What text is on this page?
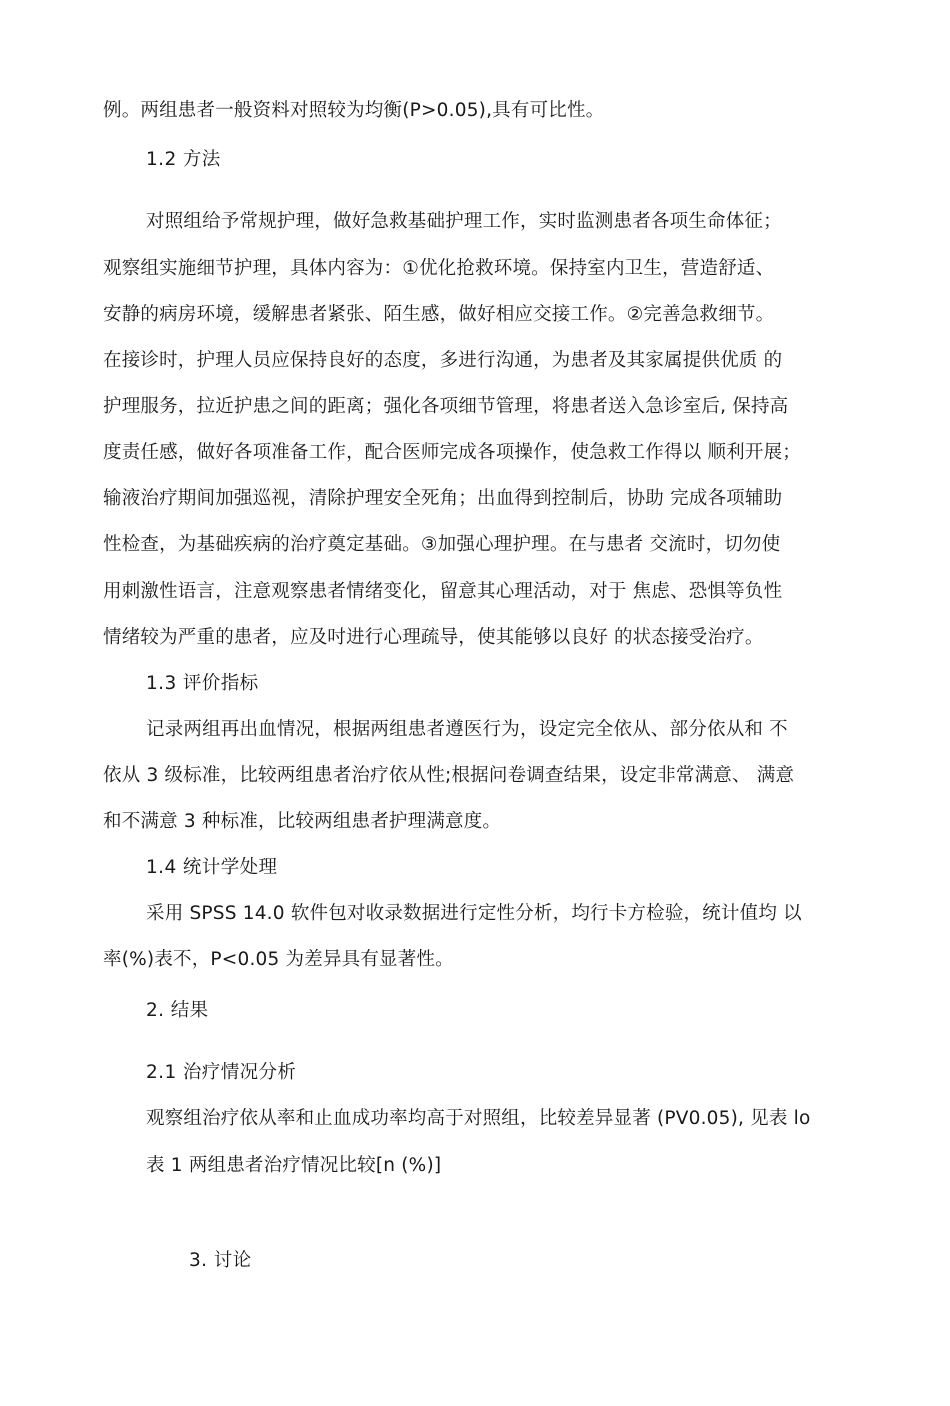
例。两组患者一般资料对照较为均衡(P>0.05),具有可比性。
1.2 方法
对照组给予常规护理，做好急救基础护理工作，实时监测患者各项生命体征；
观察组实施细节护理，具体内容为：①优化抢救环境。保持室内卫生，营造舒适、
安静的病房环境，缓解患者紧张、陌生感，做好相应交接工作。②完善急救细节。
在接诊时，护理人员应保持良好的态度，多进行沟通，为患者及其家属提供优质 的
护理服务，拉近护患之间的距离；强化各项细节管理，将患者送入急诊室后, 保持高
度责任感，做好各项准备工作，配合医师完成各项操作，使急救工作得以 顺利开展；
输液治疗期间加强巡视，清除护理安全死角；出血得到控制后，协助 完成各项辅助
性检查，为基础疾病的治疗奠定基础。③加强心理护理。在与患者 交流时，切勿使
用刺激性语言，注意观察患者情绪变化，留意其心理活动，对于 焦虑、恐惧等负性
情绪较为严重的患者，应及吋进行心理疏导，使其能够以良好 的状态接受治疗。
1.3 评价指标
记录两组再出血情况，根据两组患者遵医行为，设定完全依从、部分依从和 不
依从 3 级标准，比较两组患者治疗依从性;根据问卷调查结果，设定非常满意、 满意
和不满意 3 种标准，比较两组患者护理满意度。
1.4 统计学处理
采用 SPSS 14.0 软件包对收录数据进行定性分析，均行卡方检验，统计值均 以
率(%)表不，P<0.05 为差异具有显著性。
2. 结果
2.1 治疗情况分析
观察组治疗依从率和止血成功率均高于对照组，比较差异显著 (PV0.05), 见表 lo
表 1 两组患者治疗情况比较[n (%)]
3. 讨论
